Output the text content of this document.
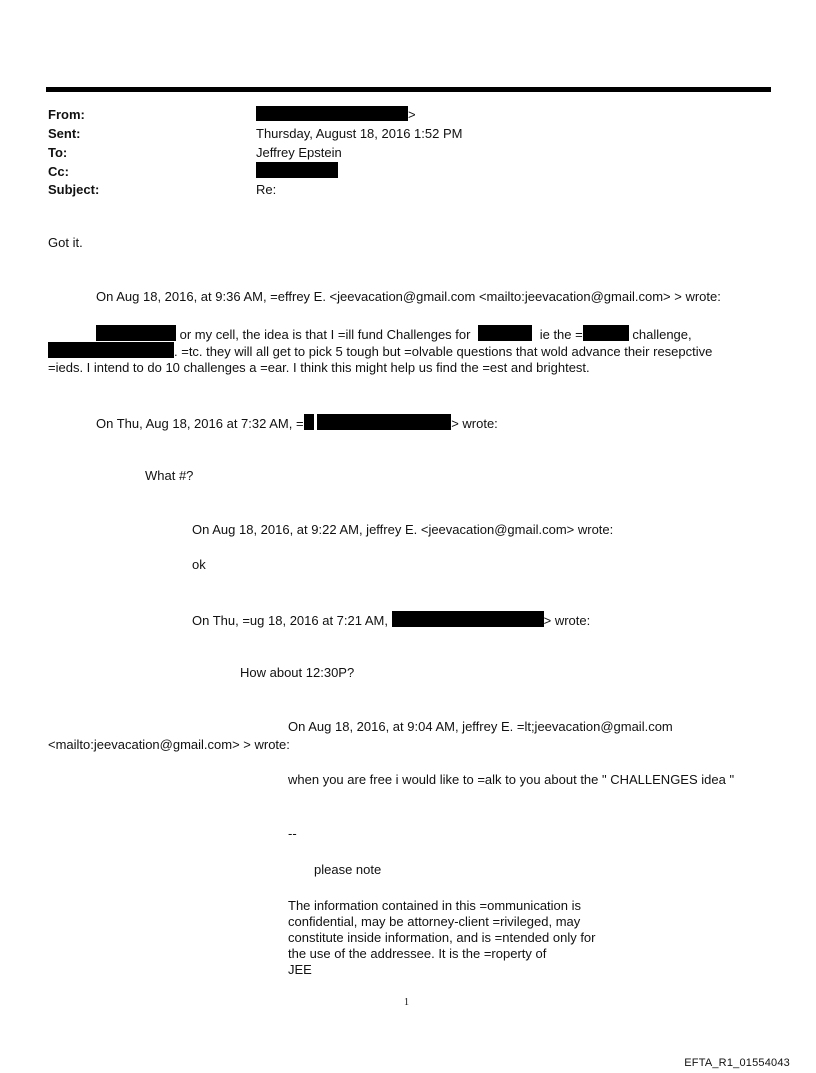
From:	>
Sent:	Thursday, August 18, 2016 1:52 PM
To:	Jeffrey Epstein
Cc:
Subject:	Re:
Got it.
On Aug 18, 2016, at 9:36 AM, =effrey E. <jeevacation@gmail.com <mailto:jeevacation@gmail.com> > wrote:
or my cell, the idea is that I =ill fund Challenges for	ie the =	challenge,
. =tc. they will all get to pick 5 tough but =olvable questions that wold advance their resepctive
=ieds. I intend to do 10 challenges a =ear. I think this might help us find the =est and brightest.
On Thu, Aug 18, 2016 at 7:32 AM, =	> wrote:
What #?
On Aug 18, 2016, at 9:22 AM, jeffrey E. <jeevacation@gmail.com> wrote:
ok
On Thu, =ug 18, 2016 at 7:21 AM,	> wrote:
How about 12:30P?
On Aug 18, 2016, at 9:04 AM, jeffrey E. =lt;jeevacation@gmail.com
<mailto:jeevacation@gmail.com> > wrote:
when you are free i would like to =alk to you about the " CHALLENGES idea "
--
please note
The information contained in this =ommunication is
confidential, may be attorney-client =rivileged, may
constitute inside information, and is =ntended only for
the use of the addressee. It is the =roperty of
JEE
1
EFTA_R1_01554043
